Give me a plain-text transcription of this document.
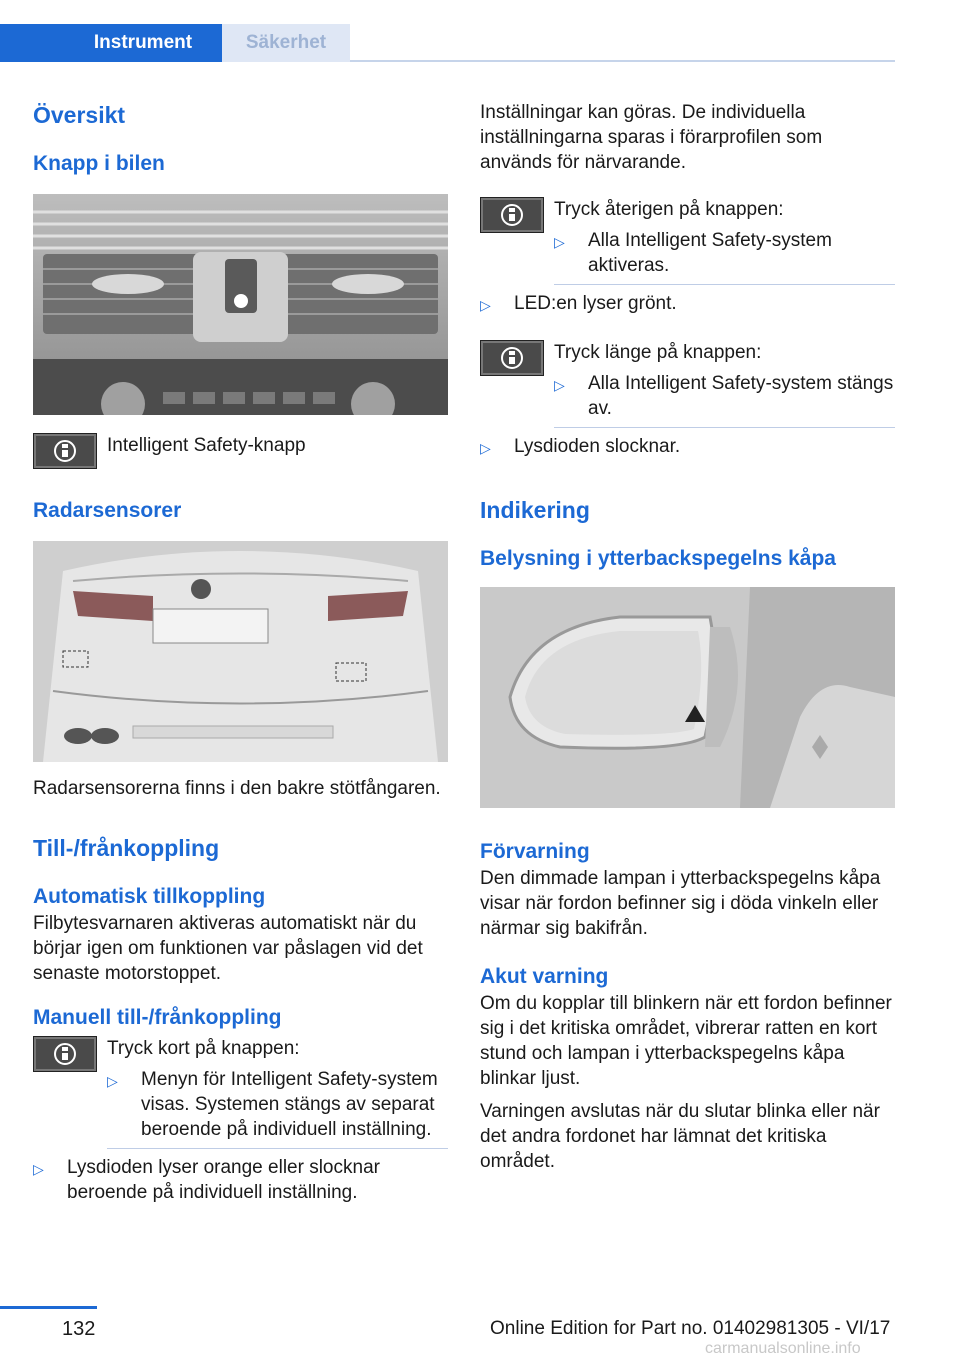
Instrument	Säkerhet
Översikt
Knapp i bilen
Intelligent Safety-knapp
Radarsensorer
Radarsensorerna finns i den bakre stötfångaren.
Till-/frånkoppling
Automatisk tillkoppling
Filbytesvarnaren aktiveras automatiskt när du börjar igen om funktionen var påslagen vid det senaste motorstoppet.
Manuell till-/frånkoppling
Tryck kort på knappen:
▷	Menyn för Intelligent Safety-system visas. Systemen stängs av separat beroende på individuell inställning.
▷	Lysdioden lyser orange eller slocknar beroende på individuell inställning.
Inställningar kan göras. De individuella inställningarna sparas i förarprofilen som används för närvarande.
Tryck återigen på knappen:
▷	Alla Intelligent Safety-system aktiveras.
▷	LED:en lyser grönt.
Tryck länge på knappen:
▷	Alla Intelligent Safety-system stängs av.
▷	Lysdioden slocknar.
Indikering
Belysning i ytterbackspegelns kåpa
Förvarning
Den dimmade lampan i ytterbackspegelns kåpa visar när fordon befinner sig i döda vinkeln eller närmar sig bakifrån.
Akut varning
Om du kopplar till blinkern när ett fordon befinner sig i det kritiska området, vibrerar ratten en kort stund och lampan i ytterbackspegelns kåpa blinkar ljust.
Varningen avslutas när du slutar blinka eller när det andra fordonet har lämnat det kritiska området.
132	Online Edition for Part no. 01402981305 - VI/17
carmanualsonline.info
